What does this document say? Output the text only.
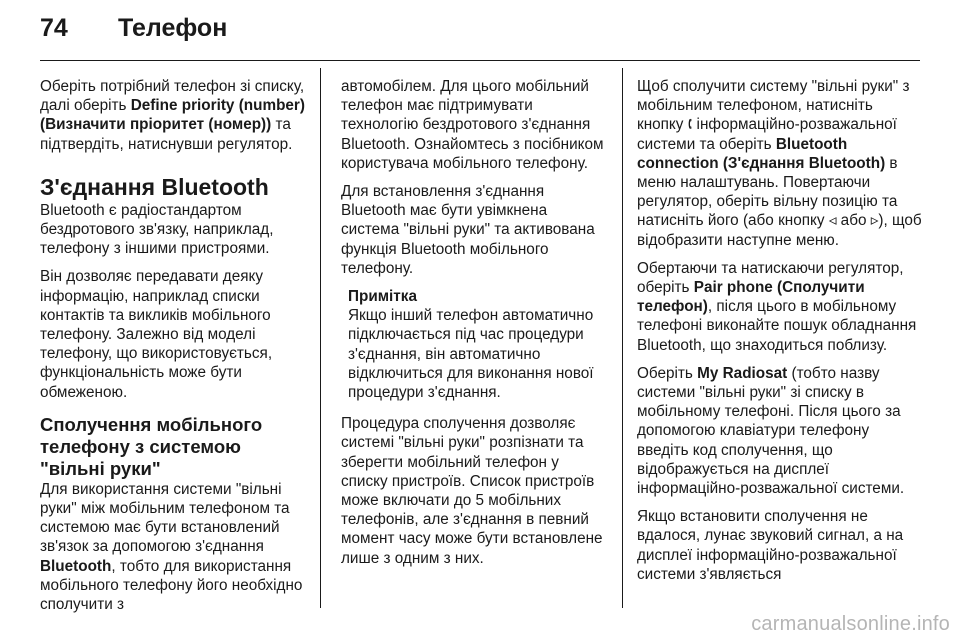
74 Телефон

Оберіть потрібний телефон зі списку, далі оберіть Define priority (number) (Визначити пріоритет (номер)) та підтвердіть, натиснувши регулятор.

З'єднання Bluetooth

Bluetooth є радіостандартом бездротового зв'язку, наприклад, телефону з іншими пристроями.

Він дозволяє передавати деяку інформацію, наприклад списки контактів та викликів мобільного телефону. Залежно від моделі телефону, що використовується, функціональність може бути обмеженою.

Сполучення мобільного телефону з системою "вільні руки"

Для використання системи "вільні руки" між мобільним телефоном та системою має бути встановлений зв'язок за допомогою з'єднання Bluetooth, тобто для використання мобільного телефону його необхідно сполучити з

автомобілем. Для цього мобільний телефон має підтримувати технологію бездротового з'єднання Bluetooth. Ознайомтесь з посібником користувача мобільного телефону.

Для встановлення з'єднання Bluetooth має бути увімкнена система "вільні руки" та активована функція Bluetooth мобільного телефону.

Примітка
Якщо інший телефон автоматично підключається під час процедури з'єднання, він автоматично відключиться для виконання нової процедури з'єднання.

Процедура сполучення дозволяє системі "вільні руки" розпізнати та зберегти мобільний телефон у списку пристроїв. Список пристроїв може включати до 5 мобільних телефонів, але з'єднання в певний момент часу може бути встановлене лише з одним з них.

Щоб сполучити систему "вільні руки" з мобільним телефоном, натисніть кнопку 🕻 інформаційно-розважальної системи та оберіть Bluetooth connection (З'єднання Bluetooth) в меню налаштувань. Повертаючи регулятор, оберіть вільну позицію та натисніть його (або кнопку ◃ або ▹), щоб відобразити наступне меню.

Обертаючи та натискаючи регулятор, оберіть Pair phone (Сполучити телефон), після цього в мобільному телефоні виконайте пошук обладнання Bluetooth, що знаходиться поблизу.

Оберіть My Radiosat (тобто назву системи "вільні руки" зі списку в мобільному телефоні. Після цього за допомогою клавіатури телефону введіть код сполучення, що відображується на дисплеї інформаційно-розважальної системи.

Якщо встановити сполучення не вдалося, лунає звуковий сигнал, а на дисплеї інформаційно-розважальної системи з'являється

carmanualsonline.info
